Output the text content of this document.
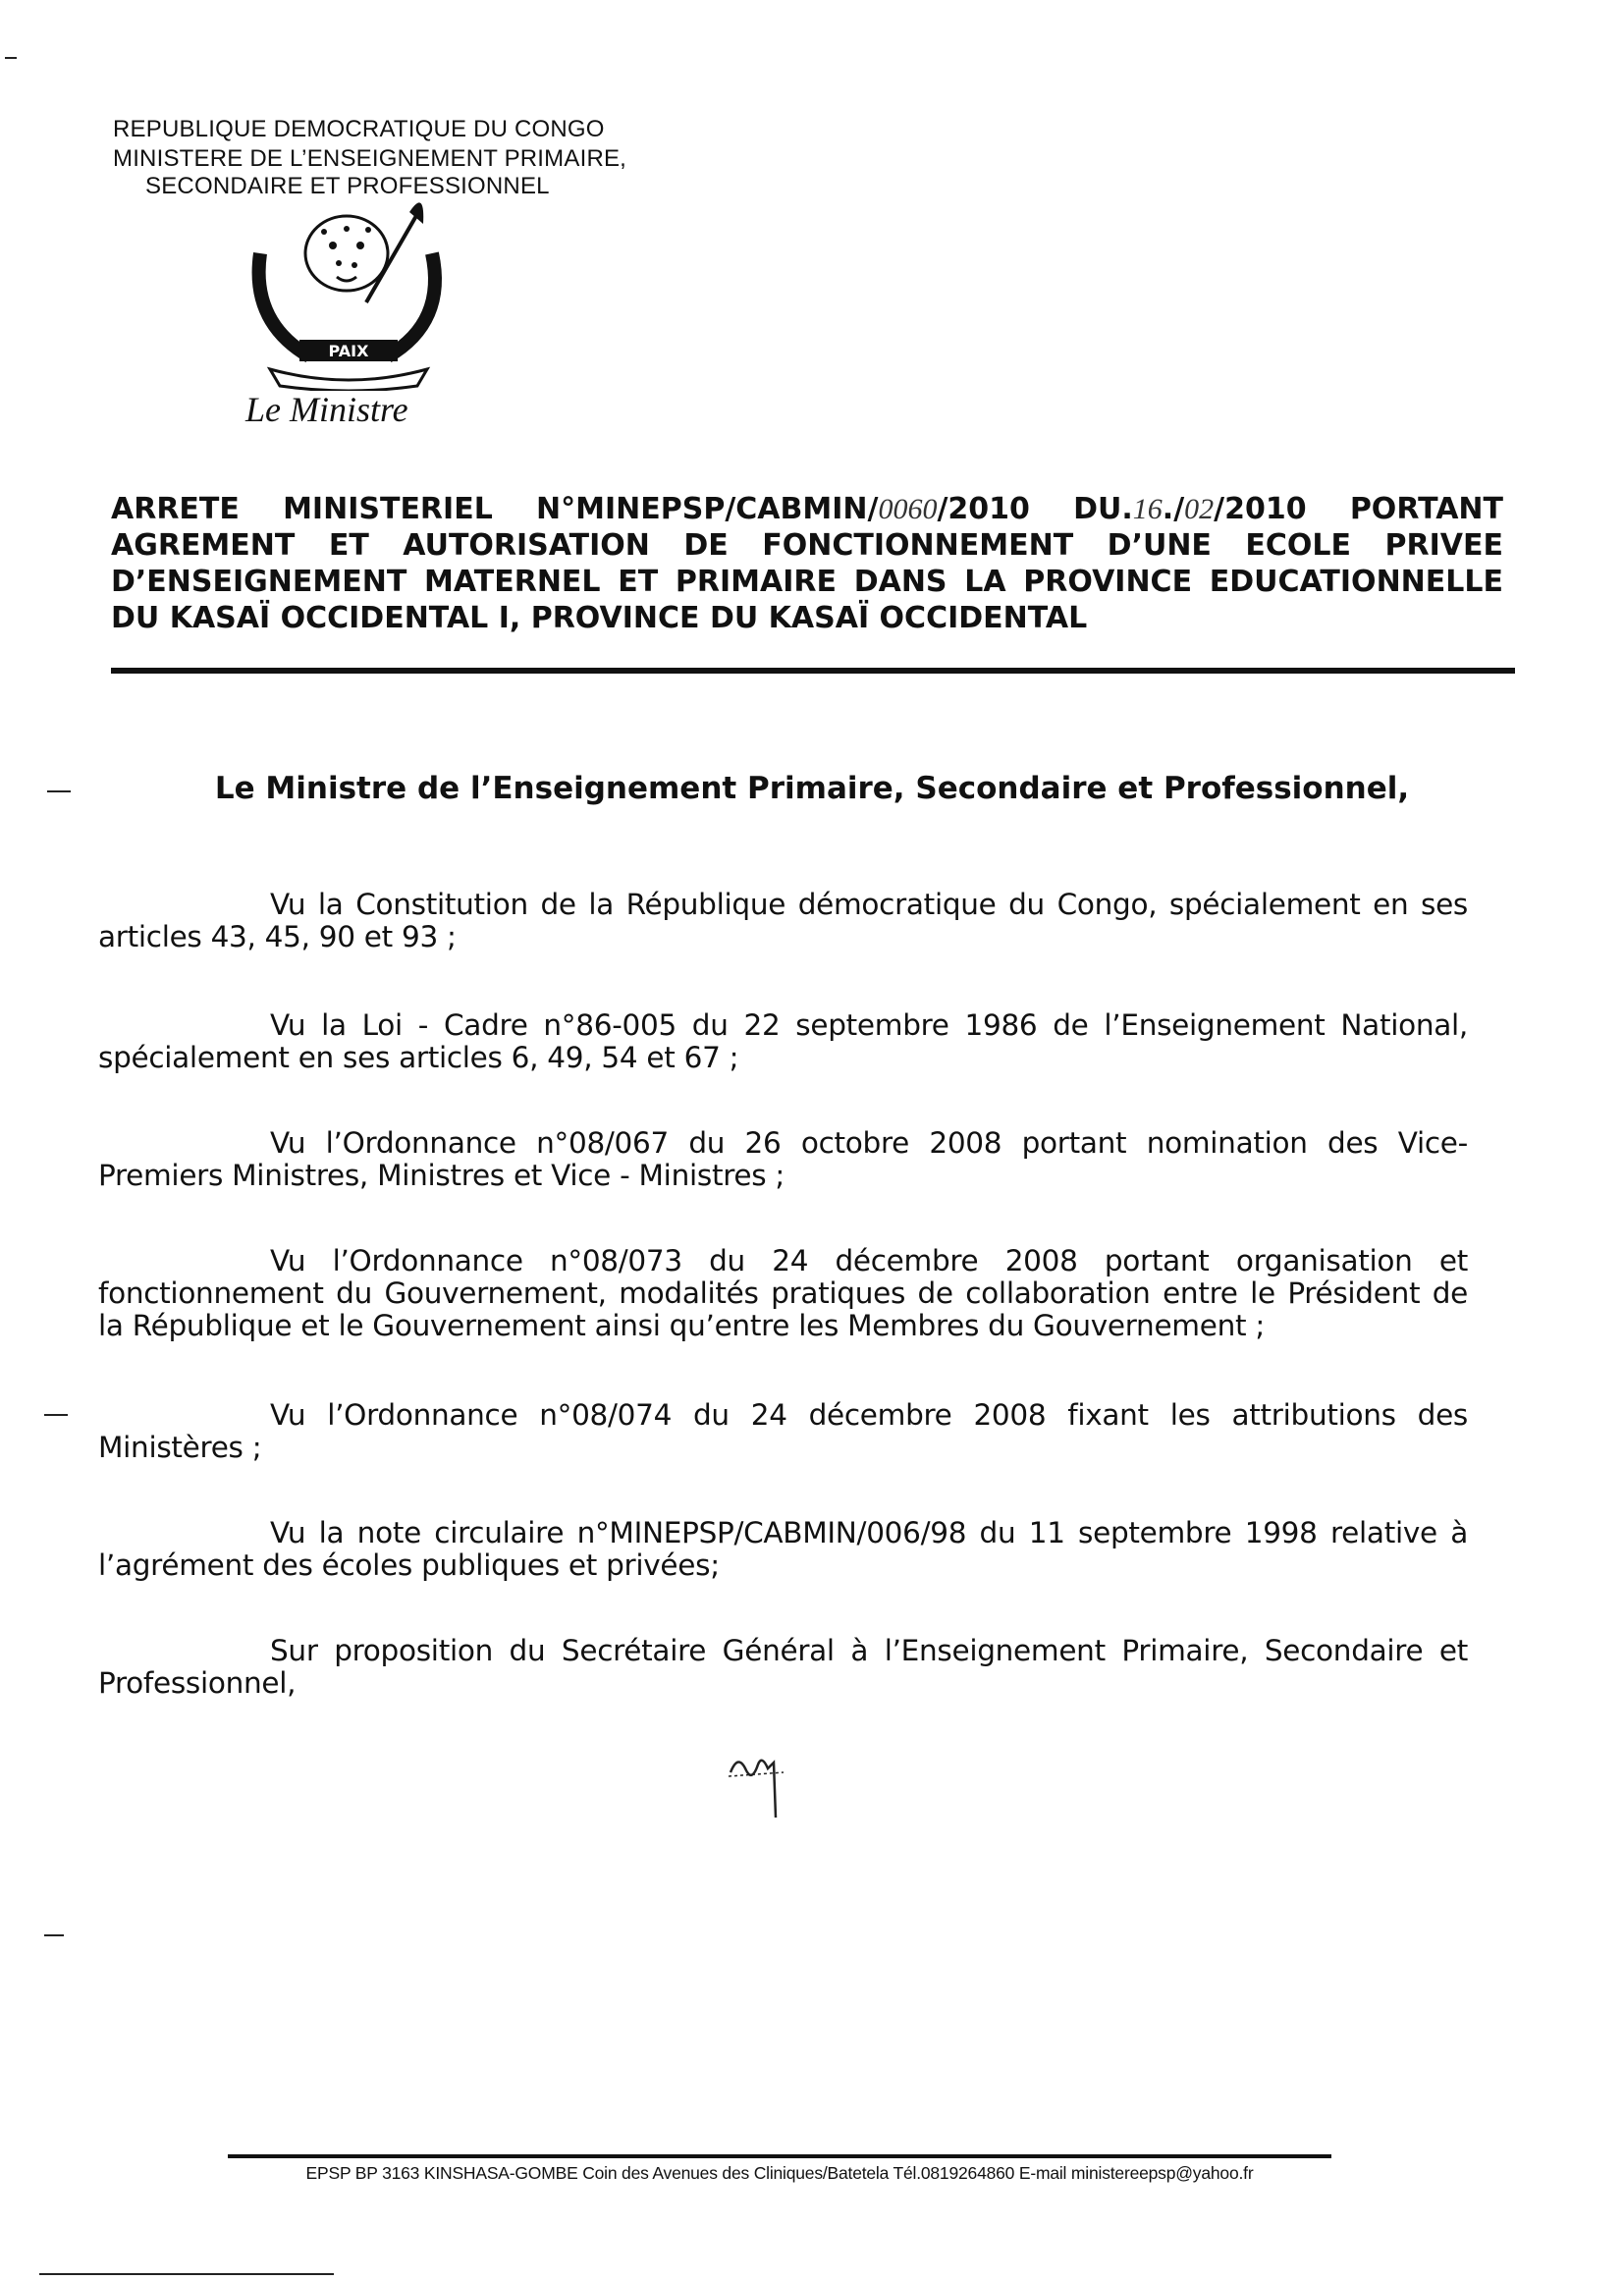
REPUBLIQUE DEMOCRATIQUE DU CONGO
MINISTERE DE L’ENSEIGNEMENT PRIMAIRE,
SECONDAIRE ET PROFESSIONNEL
PAIX
Le Ministre
ARRETE MINISTERIEL N°MINEPSP/CABMIN/0060/2010 DU.16./02/2010 PORTANT AGREMENT ET AUTORISATION DE FONCTIONNEMENT D’UNE ECOLE PRIVEE D’ENSEIGNEMENT MATERNEL ET PRIMAIRE DANS LA PROVINCE EDUCATIONNELLE DU KASAÏ OCCIDENTAL I, PROVINCE DU KASAÏ OCCIDENTAL
Le Ministre de l’Enseignement Primaire, Secondaire et Professionnel,
Vu la Constitution de la République démocratique du Congo, spécialement en ses articles 43, 45, 90 et 93 ;
Vu la Loi - Cadre n°86-005 du 22 septembre 1986 de l’Enseignement National, spécialement en ses articles 6, 49, 54 et 67 ;
Vu l’Ordonnance n°08/067 du 26 octobre 2008 portant nomination des Vice-Premiers Ministres, Ministres et Vice - Ministres ;
Vu l’Ordonnance n°08/073 du 24 décembre 2008 portant organisation et fonctionnement du Gouvernement, modalités pratiques de collaboration entre le Président de la République et le Gouvernement ainsi qu’entre les Membres du Gouvernement ;
Vu l’Ordonnance n°08/074 du 24 décembre 2008 fixant les attributions des Ministères ;
Vu la note circulaire n°MINEPSP/CABMIN/006/98 du 11 septembre 1998 relative à l’agrément des écoles publiques et privées;
Sur proposition du Secrétaire Général à l’Enseignement Primaire, Secondaire et Professionnel,
EPSP BP 3163 KINSHASA-GOMBE Coin des Avenues des Cliniques/Batetela Tél.0819264860 E-mail ministereepsp@yahoo.fr
